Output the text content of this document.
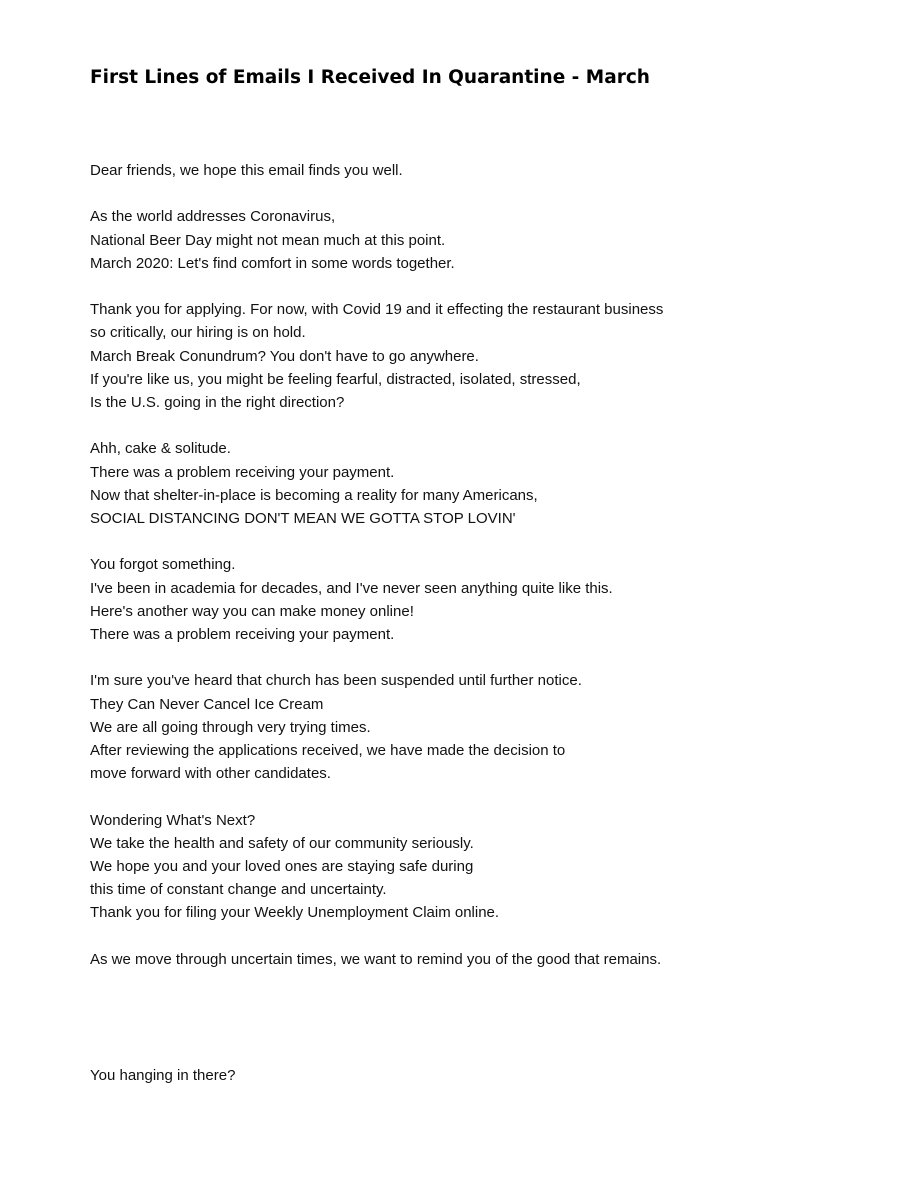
First Lines of Emails I Received In Quarantine - March
Dear friends, we hope this email finds you well.
As the world addresses Coronavirus,
National Beer Day might not mean much at this point.
March 2020: Let's find comfort in some words together.
Thank you for applying. For now, with Covid 19 and it effecting the restaurant business
so critically, our hiring is on hold.
March Break Conundrum? You don't have to go anywhere.
If you're like us, you might be feeling fearful, distracted, isolated, stressed,
Is the U.S. going in the right direction?
Ahh, cake & solitude.
There was a problem receiving your payment.
Now that shelter-in-place is becoming a reality for many Americans,
SOCIAL DISTANCING DON'T MEAN WE GOTTA STOP LOVIN'
You forgot something.
I've been in academia for decades, and I've never seen anything quite like this.
Here's another way you can make money online!
There was a problem receiving your payment.
I'm sure you've heard that church has been suspended until further notice.
They Can Never Cancel Ice Cream
We are all going through very trying times.
After reviewing the applications received, we have made the decision to
move forward with other candidates.
Wondering What's Next?
We take the health and safety of our community seriously.
We hope you and your loved ones are staying safe during
this time of constant change and uncertainty.
Thank you for filing your Weekly Unemployment Claim online.
As we move through uncertain times, we want to remind you of the good that remains.
You hanging in there?
